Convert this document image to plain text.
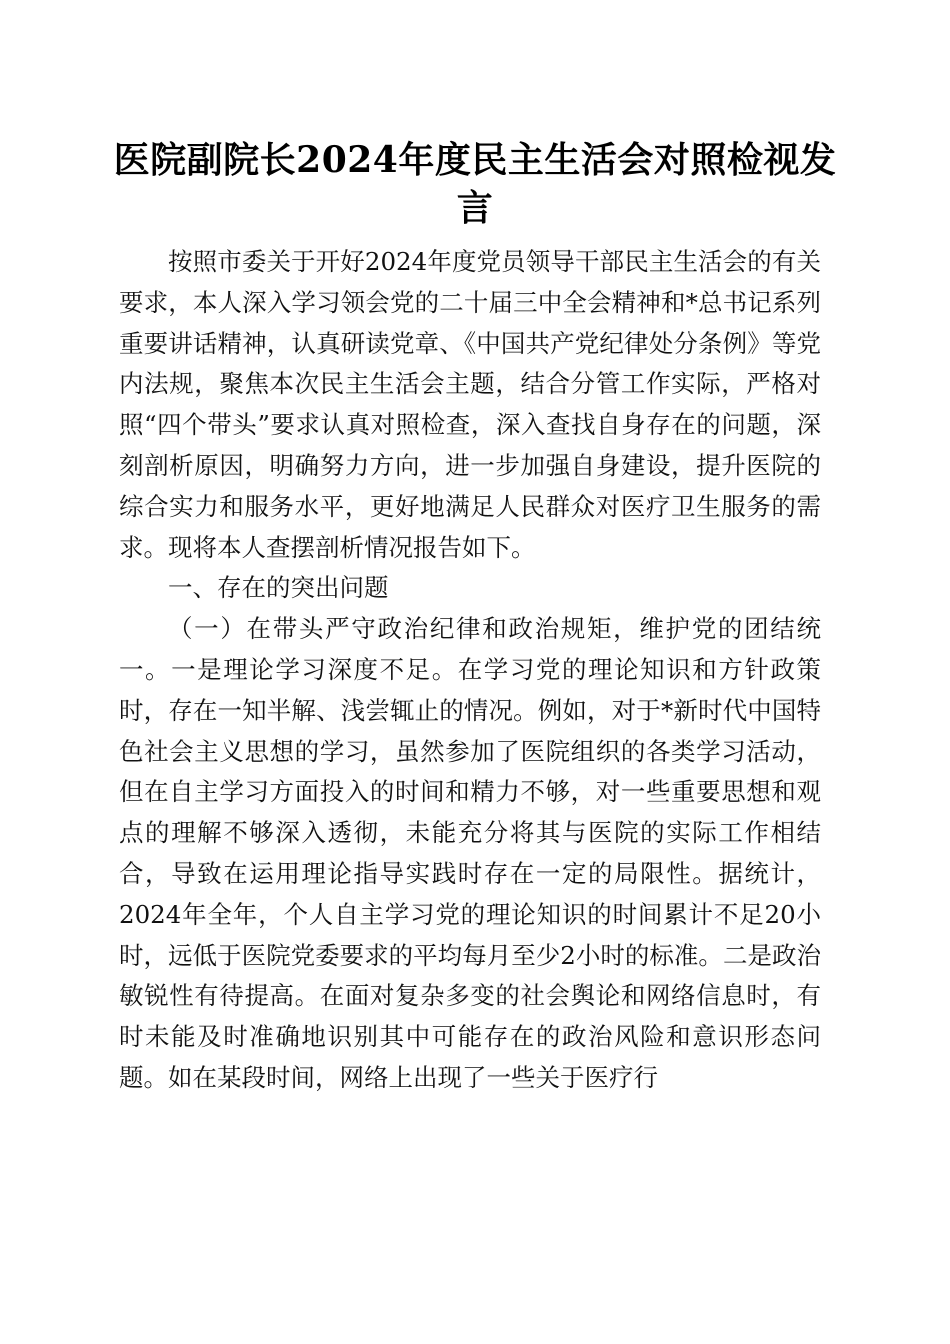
医院副院长2024年度民主生活会对照检视发言

按照市委关于开好2024年度党员领导干部民主生活会的有关要求，本人深入学习领会党的二十届三中全会精神和*总书记系列重要讲话精神，认真研读党章、《中国共产党纪律处分条例》等党内法规，聚焦本次民主生活会主题，结合分管工作实际，严格对照“四个带头”要求认真对照检查，深入查找自身存在的问题，深刻剖析原因，明确努力方向，进一步加强自身建设，提升医院的综合实力和服务水平，更好地满足人民群众对医疗卫生服务的需求。现将本人查摆剖析情况报告如下。

一、存在的突出问题

（一）在带头严守政治纪律和政治规矩，维护党的团结统一。一是理论学习深度不足。在学习党的理论知识和方针政策时，存在一知半解、浅尝辄止的情况。例如，对于*新时代中国特色社会主义思想的学习，虽然参加了医院组织的各类学习活动，但在自主学习方面投入的时间和精力不够，对一些重要思想和观点的理解不够深入透彻，未能充分将其与医院的实际工作相结合，导致在运用理论指导实践时存在一定的局限性。据统计，2024年全年，个人自主学习党的理论知识的时间累计不足20小时，远低于医院党委要求的平均每月至少2小时的标准。二是政治敏锐性有待提高。在面对复杂多变的社会舆论和网络信息时，有时未能及时准确地识别其中可能存在的政治风险和意识形态问题。如在某段时间，网络上出现了一些关于医疗行
